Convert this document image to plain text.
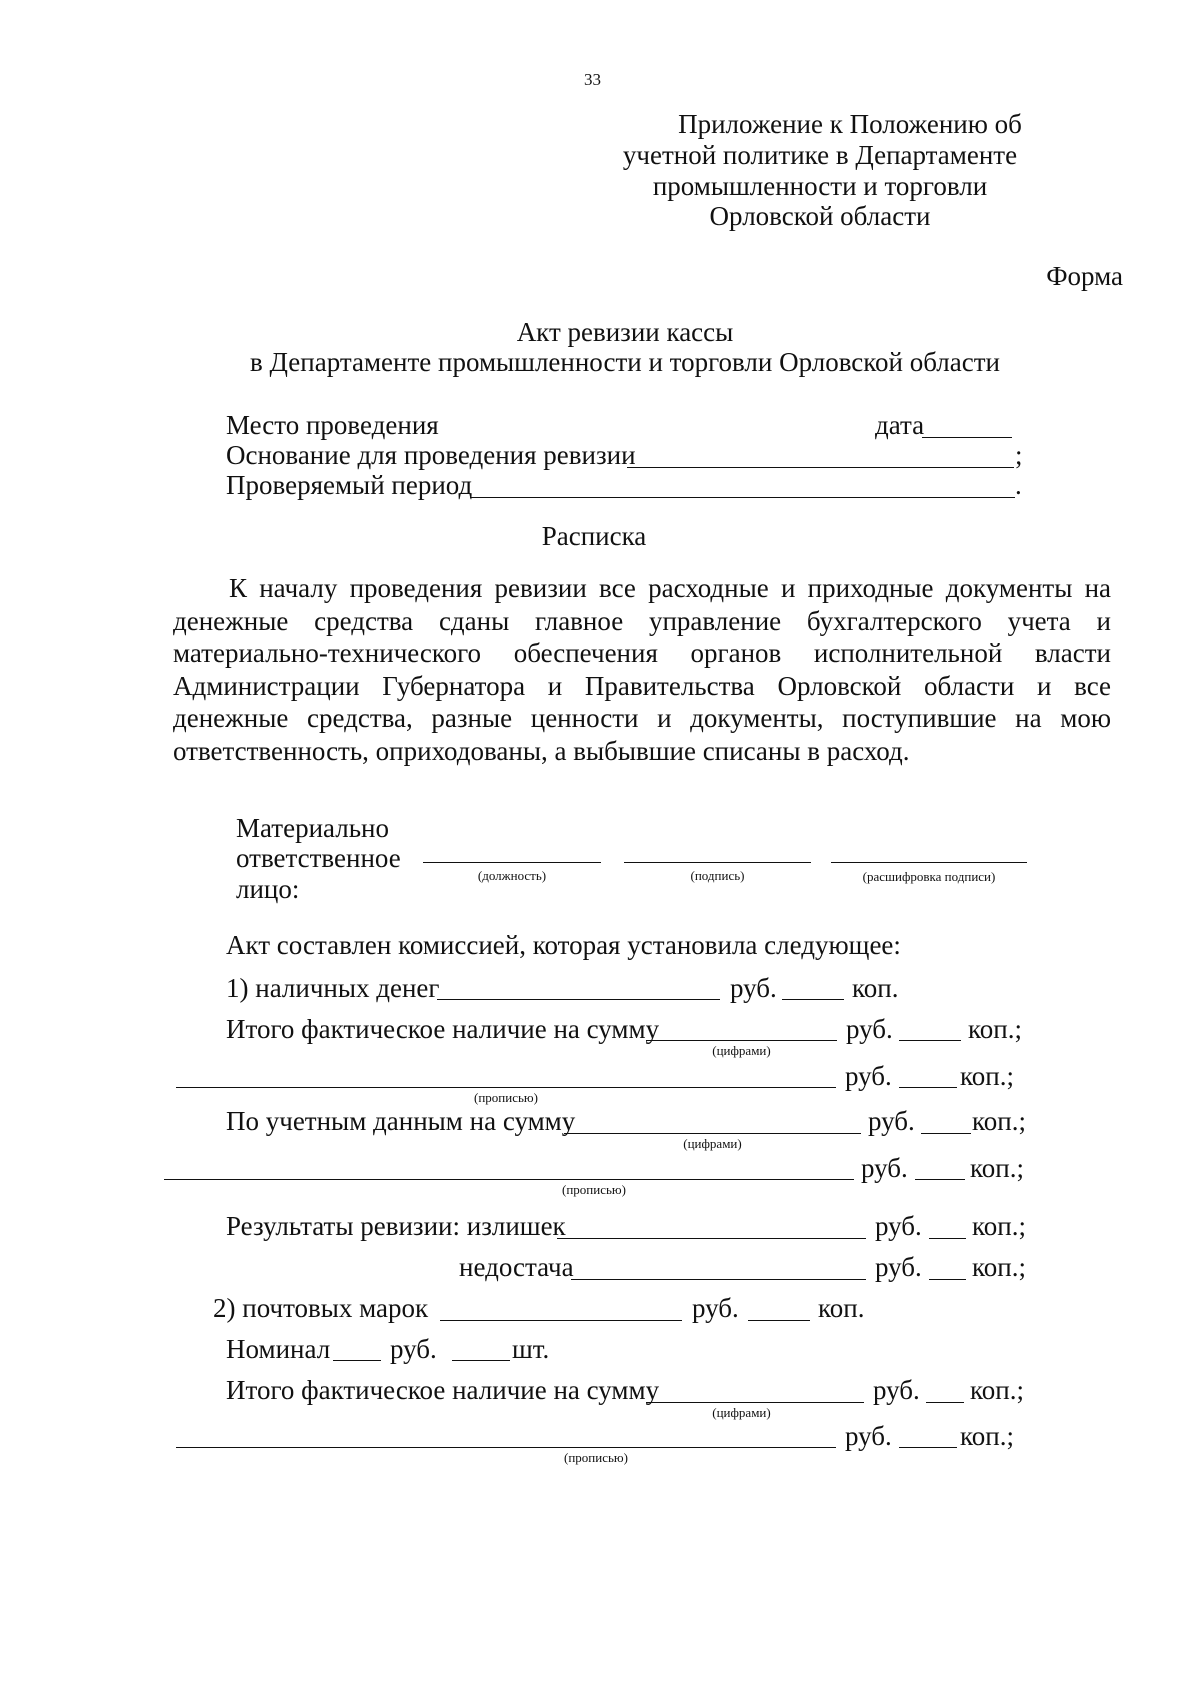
33
Приложение к Положению об
учетной политике в Департаменте
промышленности и торговли
Орловской области
Форма
Акт ревизии кассы
в Департаменте промышленности и торговли Орловской области
Место проведения	дата
Основание для проведения ревизии	;
Проверяемый период	.
Расписка
К началу проведения ревизии все расходные и приходные документы на денежные средства сданы главное управление бухгалтерского учета и материально-технического обеспечения органов исполнительной власти Администрации Губернатора и Правительства Орловской области и все денежные средства, разные ценности и документы, поступившие на мою ответственность, оприходованы, а выбывшие списаны в расход.
Материально
ответственное
лицо:	(должность)	(подпись)	(расшифровка подписи)
Акт составлен комиссией, которая установила следующее:
1) наличных денег	руб.	коп.
Итого фактическое наличие на сумму
(цифрами)
руб.	коп.;
(прописью)
руб.	коп.;
По учетным данным на сумму
(цифрами)
руб. коп.;
(прописью)
руб. коп.;
Результаты ревизии: излишек	руб. коп.;
недостача	руб. коп.;
2) почтовых марок	руб.	коп.
Номинал руб.	шт.
Итого фактическое наличие на сумму
(цифрами)
руб. коп.;
(прописью)
руб.	коп.;
